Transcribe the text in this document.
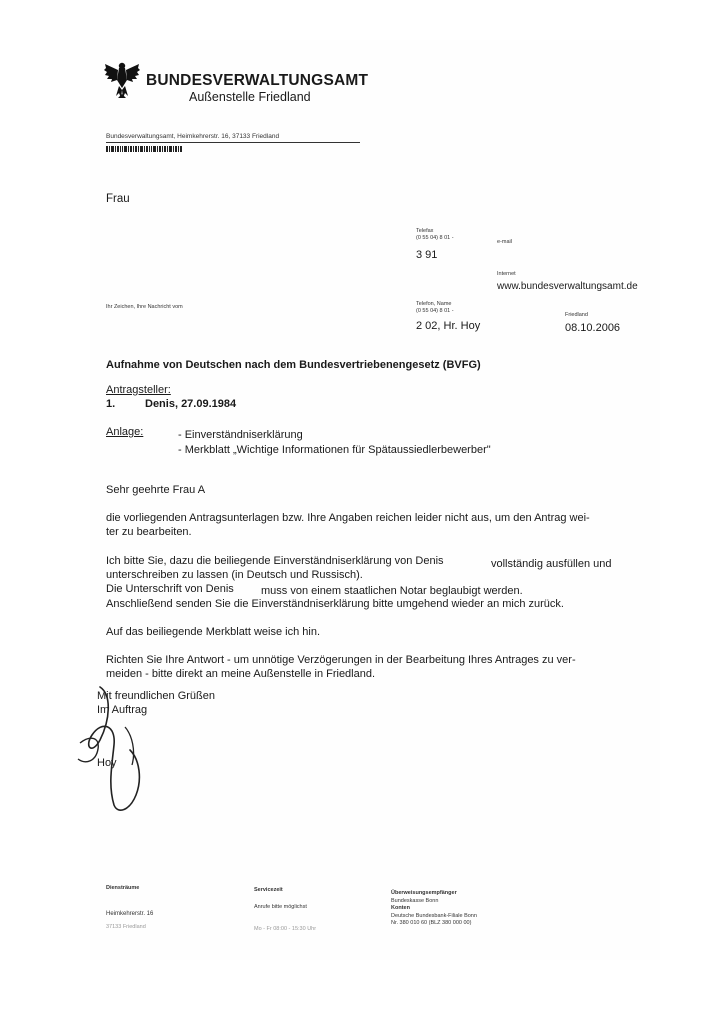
BUNDESVERWALTUNGSAMT
Außenstelle Friedland
Bundesverwaltungsamt, Heimkehrerstr. 16, 37133 Friedland
Frau
Telefax
(0 55 04) 8 01 -
e-mail
3 91
Internet
www.bundesverwaltungsamt.de
Ihr Zeichen, Ihre Nachricht vom	Telefon, Name
(0 55 04) 8 01 -
Friedland
2 02, Hr. Hoy	08.10.2006
Aufnahme von Deutschen nach dem Bundesvertriebenengesetz (BVFG)
Antragsteller:
1.	Denis, 27.09.1984
Anlage:	- Einverständniserklärung
- Merkblatt „Wichtige Informationen für Spätaussiedlerbewerber"
Sehr geehrte Frau A
die vorliegenden Antragsunterlagen bzw. Ihre Angaben reichen leider nicht aus, um den Antrag wei-
ter zu bearbeiten.
Ich bitte Sie, dazu die beiliegende Einverständniserklärung von Denis	vollständig ausfüllen und
unterschreiben zu lassen (in Deutsch und Russisch).
Die Unterschrift von Denis muss von einem staatlichen Notar beglaubigt werden.
Anschließend senden Sie die Einverständniserklärung bitte umgehend wieder an mich zurück.
Auf das beiliegende Merkblatt weise ich hin.
Richten Sie Ihre Antwort - um unnötige Verzögerungen in der Bearbeitung Ihres Antrages zu ver-
meiden - bitte direkt an meine Außenstelle in Friedland.
Mit freundlichen Grüßen
Im Auftrag
Hoy
Diensträume
Heimkehrerstr. 16
37133 Friedland
Servicezeit
Anrufe bitte möglichst
Mo - Fr 08:00 - 15:30 Uhr
Überweisungsempfänger
Bundeskasse Bonn
Konten
Deutsche Bundesbank-Filiale Bonn
Nr. 380 010 60 (BLZ 380 000 00)
